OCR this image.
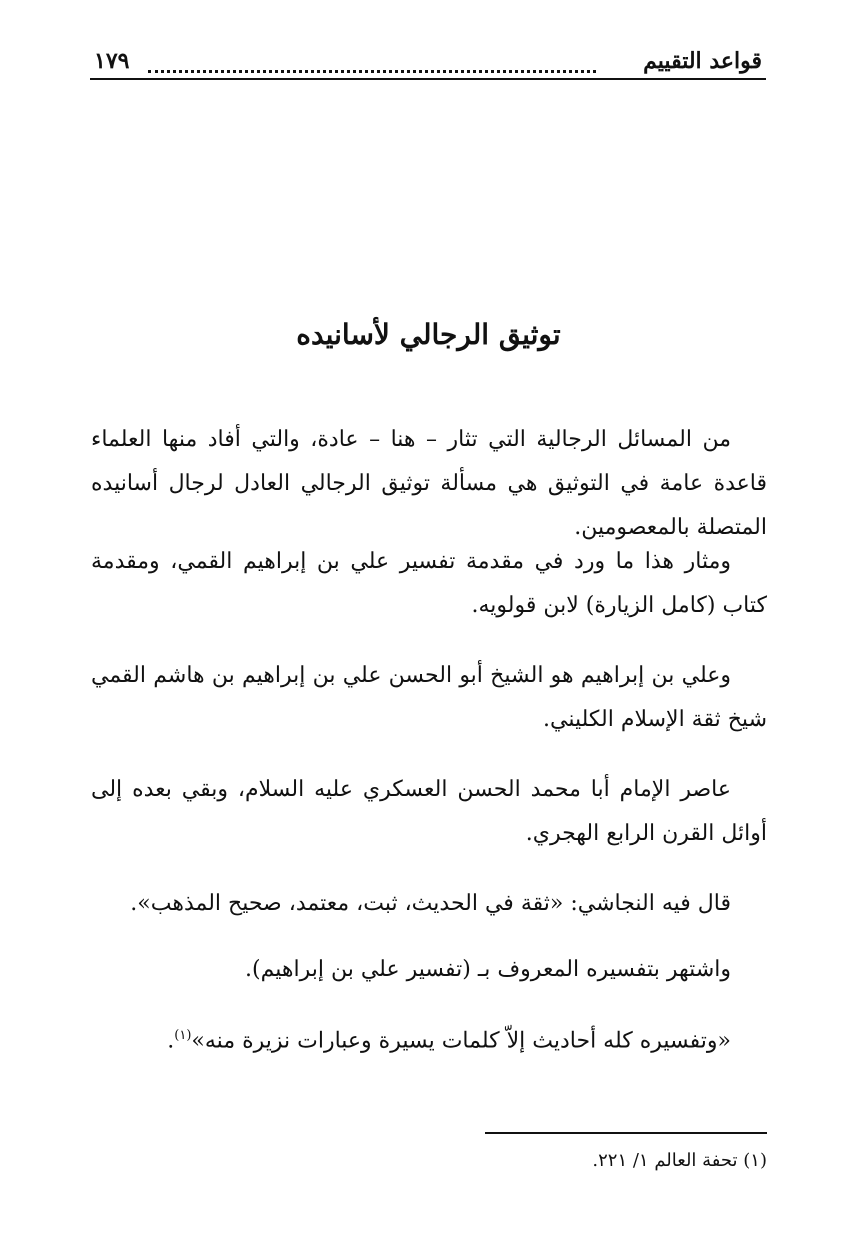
قواعد التقييم
١٧٩
توثيق الرجالي لأسانيده

من المسائل الرجالية التي تثار – هنا – عادة، والتي أفاد منها العلماء قاعدة عامة في التوثيق هي مسألة توثيق الرجالي العادل لرجال أسانيده المتصلة بالمعصومين.

ومثار هذا ما ورد في مقدمة تفسير علي بن إبراهيم القمي، ومقدمة كتاب (كامل الزيارة) لابن قولويه.

وعلي بن إبراهيم هو الشيخ أبو الحسن علي بن إبراهيم بن هاشم القمي شيخ ثقة الإسلام الكليني.

عاصر الإمام أبا محمد الحسن العسكري عليه السلام، وبقي بعده إلى أوائل القرن الرابع الهجري.

قال فيه النجاشي: «ثقة في الحديث، ثبت، معتمد، صحيح المذهب».

واشتهر بتفسيره المعروف بـ (تفسير علي بن إبراهيم).

«وتفسيره كله أحاديث إلاّ كلمات يسيرة وعبارات نزيرة منه»$^{(١)}$.

(١) تحفة العالم ١/ ٢٢١.
